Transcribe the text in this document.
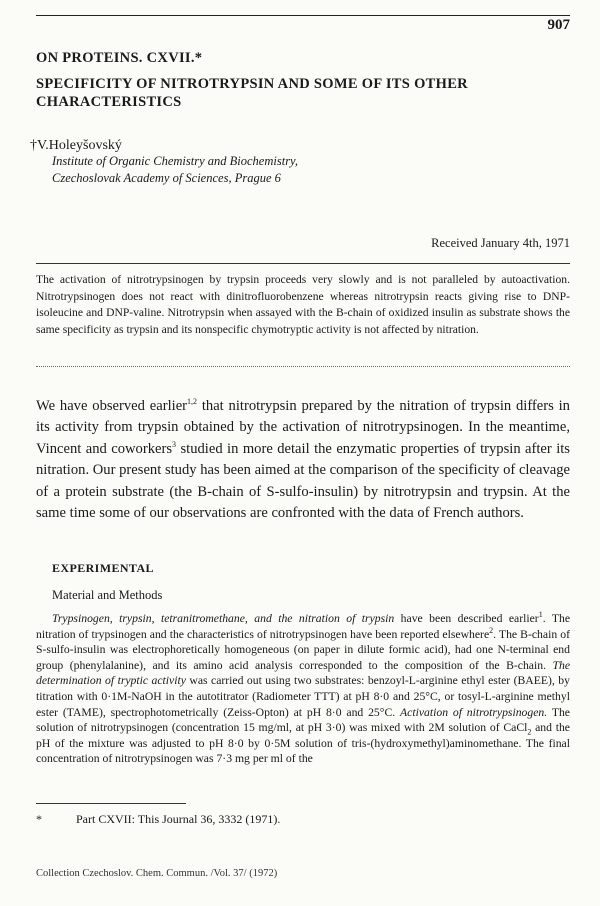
907
ON PROTEINS. CXVII.*
SPECIFICITY OF NITROTRYPSIN AND SOME OF ITS OTHER CHARACTERISTICS
†V.Holeyšovský
Institute of Organic Chemistry and Biochemistry,
Czechoslovak Academy of Sciences, Prague 6
Received January 4th, 1971
The activation of nitrotrypsinogen by trypsin proceeds very slowly and is not paralleled by autoactivation. Nitrotrypsinogen does not react with dinitrofluorobenzene whereas nitrotrypsin reacts giving rise to DNP-isoleucine and DNP-valine. Nitrotrypsin when assayed with the B-chain of oxidized insulin as substrate shows the same specificity as trypsin and its nonspecific chymotryptic activity is not affected by nitration.
We have observed earlier$^{1,2}$ that nitrotrypsin prepared by the nitration of trypsin differs in its activity from trypsin obtained by the activation of nitrotrypsinogen. In the meantime, Vincent and coworkers$^3$ studied in more detail the enzymatic properties of trypsin after its nitration. Our present study has been aimed at the comparison of the specificity of cleavage of a protein substrate (the B-chain of S-sulfo-insulin) by nitrotrypsin and trypsin. At the same time some of our observations are confronted with the data of French authors.
EXPERIMENTAL
Material and Methods
Trypsinogen, trypsin, tetranitromethane, and the nitration of trypsin have been described earlier$^1$. The nitration of trypsinogen and the characteristics of nitrotrypsinogen have been reported elsewhere$^2$. The B-chain of S-sulfo-insulin was electrophoretically homogeneous (on paper in dilute formic acid), had one N-terminal end group (phenylalanine), and its amino acid analysis corresponded to the composition of the B-chain. The determination of tryptic activity was carried out using two substrates: benzoyl-L-arginine ethyl ester (BAEE), by titration with 0·1M-NaOH in the autotitrator (Radiometer TTT) at pH 8·0 and 25°C, or tosyl-L-arginine methyl ester (TAME), spectrophotometrically (Zeiss-Opton) at pH 8·0 and 25°C. Activation of nitrotrypsinogen. The solution of nitrotrypsinogen (concentration 15 mg/ml, at pH 3·0) was mixed with 2M solution of CaCl$_2$ and the pH of the mixture was adjusted to pH 8·0 by 0·5M solution of tris-(hydroxymethyl)aminomethane. The final concentration of nitrotrypsinogen was 7·3 mg per ml of the
*	Part CXVII: This Journal 36, 3332 (1971).
Collection Czechoslov. Chem. Commun. /Vol. 37/ (1972)
